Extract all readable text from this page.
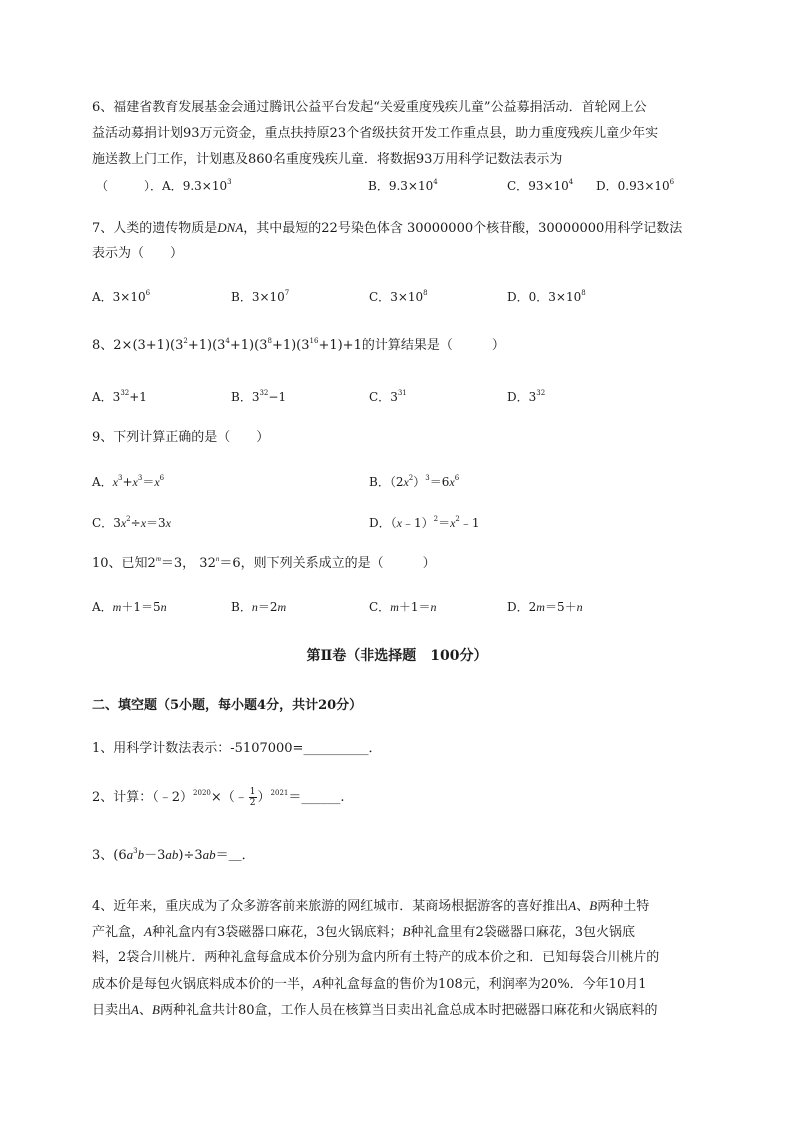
6、福建省教育发展基金会通过腾讯公益平台发起“关爱重度残疾儿童”公益募捐活动．首轮网上公
益活动募捐计划93万元资金，重点扶持原23个省级扶贫开发工作重点县，助力重度残疾儿童少年实
施送教上门工作，计划惠及860名重度残疾儿童．将数据93万用科学记数法表示为
（　　　）．A．$9.3\times 10^3$	B．$9.3\times 10^4$	C．$93\times 10^4$ D．$0.93\times 10^6$
7、人类的遗传物质是DNA，其中最短的22号染色体含 30000000个核苷酸，30000000用科学记数法
表示为（　　）
A．$3\times 10^6$	B．$3\times 10^7$	C．$3\times 10^8$	D．0．$3\times 10^8$
8、$2\times(3+1)(3^2+1)(3^4+1)(3^8+1)(3^{16}+1)+1$的计算结果是（　　　）
A．$3^{32}+1$	B．$3^{32}-1$	C．$3^{31}$	D．$3^{32}$
9、下列计算正确的是（　　）
A．$x^3+x^3=x^6$	B．$(2x^2)^3=6x^6$
C．$3x^2\div x=3x$	D．$(x﹣1)^2=x^2﹣1$
10、已知$2^m=3$， $32^n=6$，则下列关系成立的是（　　　）
A．m＋1＝5n	B．n＝2m	C．m＋1＝n	D．2m＝5＋n
第Ⅱ卷（非选择题　100分）
二、填空题（5小题，每小题4分，共计20分）
1、用科学计数法表示：-5107000=__________．
2、计算：（﹣2）$^{2020}$×（﹣ $\frac{1}{2}$ ）$^{2021}$＝______.
3、$(6a^3b-3ab)\div 3ab=\_$．
4、近年来，重庆成为了众多游客前来旅游的网红城市．某商场根据游客的喜好推出A、B两种土特
产礼盒，A种礼盒内有3袋磁器口麻花，3包火锅底料；B种礼盒里有2袋磁器口麻花，3包火锅底
料，2袋合川桃片．两种礼盒每盒成本价分别为盒内所有土特产的成本价之和．已知每袋合川桃片的
成本价是每包火锅底料成本价的一半，A种礼盒每盒的售价为108元，利润率为20%．今年10月1
日卖出A、B两种礼盒共计80盒，工作人员在核算当日卖出礼盒总成本时把磁器口麻花和火锅底料的
